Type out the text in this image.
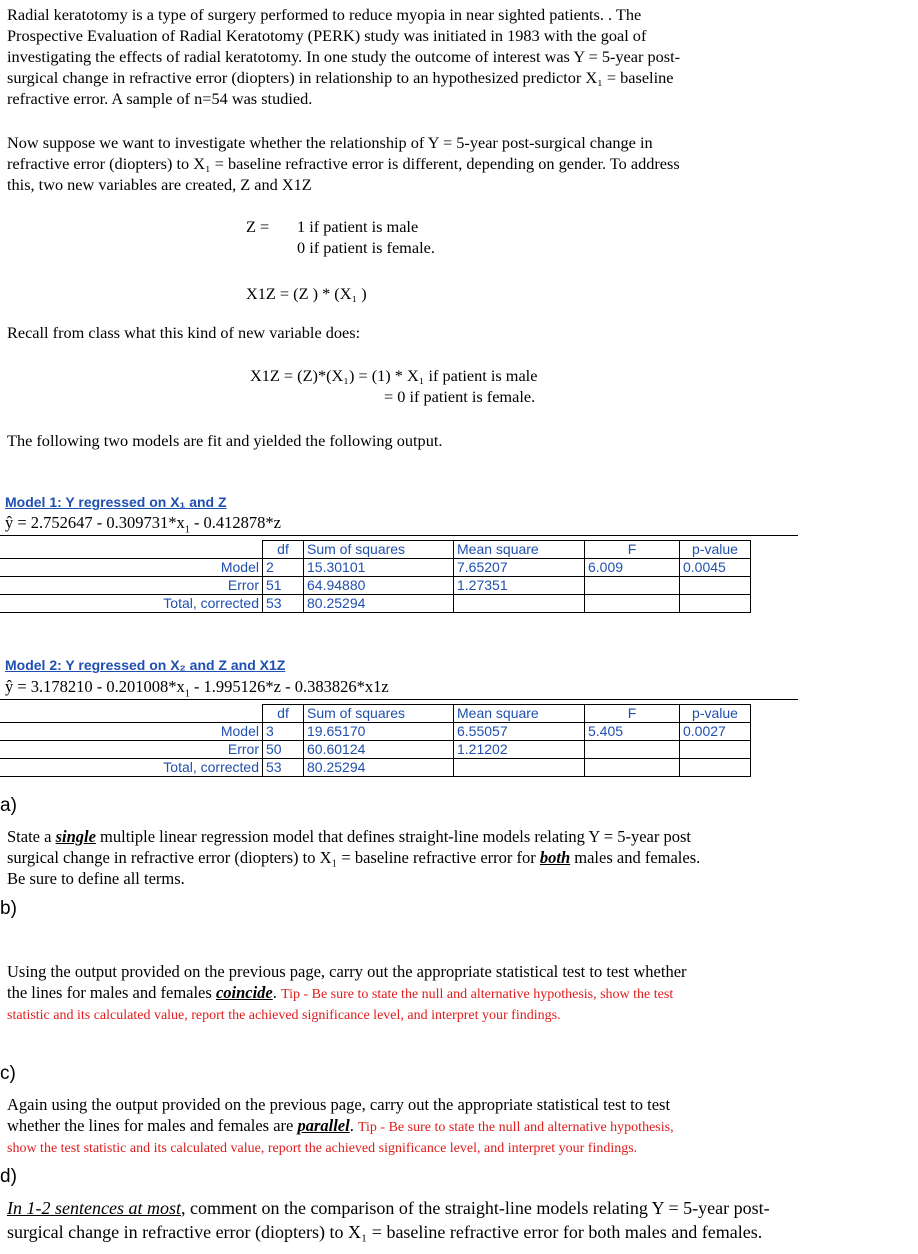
Radial keratotomy is a type of surgery performed to reduce myopia in near sighted patients. . The
Prospective Evaluation of Radial Keratotomy (PERK) study was initiated in 1983 with the goal of
investigating the effects of radial keratotomy. In one study the outcome of interest was Y = 5-year post-
surgical change in refractive error (diopters) in relationship to an hypothesized predictor X₁ = baseline
refractive error. A sample of n=54 was studied.
Now suppose we want to investigate whether the relationship of Y = 5-year post-surgical change in
refractive error (diopters) to X₁ = baseline refractive error is different, depending on gender. To address
this, two new variables are created, Z and X1Z
Z = 1 if patient is male
0 if patient is female.
X1Z = (Z ) * (X₁ )
Recall from class what this kind of new variable does:
X1Z = (Z)*(X₁) = (1) * X₁ if patient is male
= 0 if patient is female.
The following two models are fit and yielded the following output.
Model 1: Y regressed on X₁ and Z
ŷ = $2.752647 - 0.309731*x_1 - 0.412878*z$
	df	Sum of squares	Mean square	F	p-value
Model	2	15.30101	7.65207	6.009	0.0045
Error	51	64.94880	1.27351		
Total, corrected	53	80.25294			
Model 2: Y regressed on X₂ and Z and X1Z
ŷ = $3.178210 - 0.201008*x_1 - 1.995126*z - 0.383826*x1z$
	df	Sum of squares	Mean square	F	p-value
Model	3	19.65170	6.55057	5.405	0.0027
Error	50	60.60124	1.21202		
Total, corrected	53	80.25294			
a)
State a single multiple linear regression model that defines straight-line models relating Y = 5-year post
surgical change in refractive error (diopters) to X₁ = baseline refractive error for both males and females.
Be sure to define all terms.
b)
Using the output provided on the previous page, carry out the appropriate statistical test to test whether
the lines for males and females coincide. Tip - Be sure to state the null and alternative hypothesis, show the test
statistic and its calculated value, report the achieved significance level, and interpret your findings.
c)
Again using the output provided on the previous page, carry out the appropriate statistical test to test
whether the lines for males and females are parallel. Tip - Be sure to state the null and alternative hypothesis,
show the test statistic and its calculated value, report the achieved significance level, and interpret your findings.
d)
In 1-2 sentences at most, comment on the comparison of the straight-line models relating Y = 5-year post-
surgical change in refractive error (diopters) to X₁ = baseline refractive error for both males and females.
